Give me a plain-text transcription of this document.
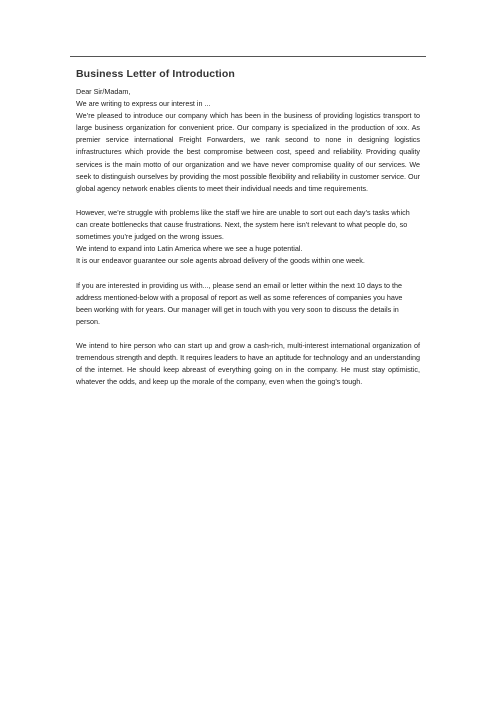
Business Letter of Introduction

Dear Sir/Madam,

We are writing to express our interest in ...

We’re pleased to introduce our company which has been in the business of providing logistics transport to large business organization for convenient price. Our company is specialized in the production of xxx. As premier service international Freight Forwarders, we rank second to none in designing logistics infrastructures which provide the best compromise between cost, speed and reliability. Providing quality services is the main motto of our organization and we have never compromise quality of our services. We seek to distinguish ourselves by providing the most possible flexibility and reliability in customer service. Our global agency network enables clients to meet their individual needs and time requirements.

However, we’re struggle with problems like the staff we hire are unable to sort out each day’s tasks which can create bottlenecks that cause frustrations. Next, the system here isn’t relevant to what people do, so sometimes you’re judged on the wrong issues.

We intend to expand into Latin America where we see a huge potential.

It is our endeavor guarantee our sole agents abroad delivery of the goods within one week.

If you are interested in providing us with..., please send an email or letter within the next 10 days to the address mentioned-below with a proposal of report as well as some references of companies you have been working with for years. Our manager will get in touch with you very soon to discuss the details in person.

We intend to hire person who can start up and grow a cash-rich, multi-interest international organization of tremendous strength and depth. It requires leaders to have an aptitude for technology and an understanding of the internet. He should keep abreast of everything going on in the company. He must stay optimistic, whatever the odds, and keep up the morale of the company, even when the going’s tough.
